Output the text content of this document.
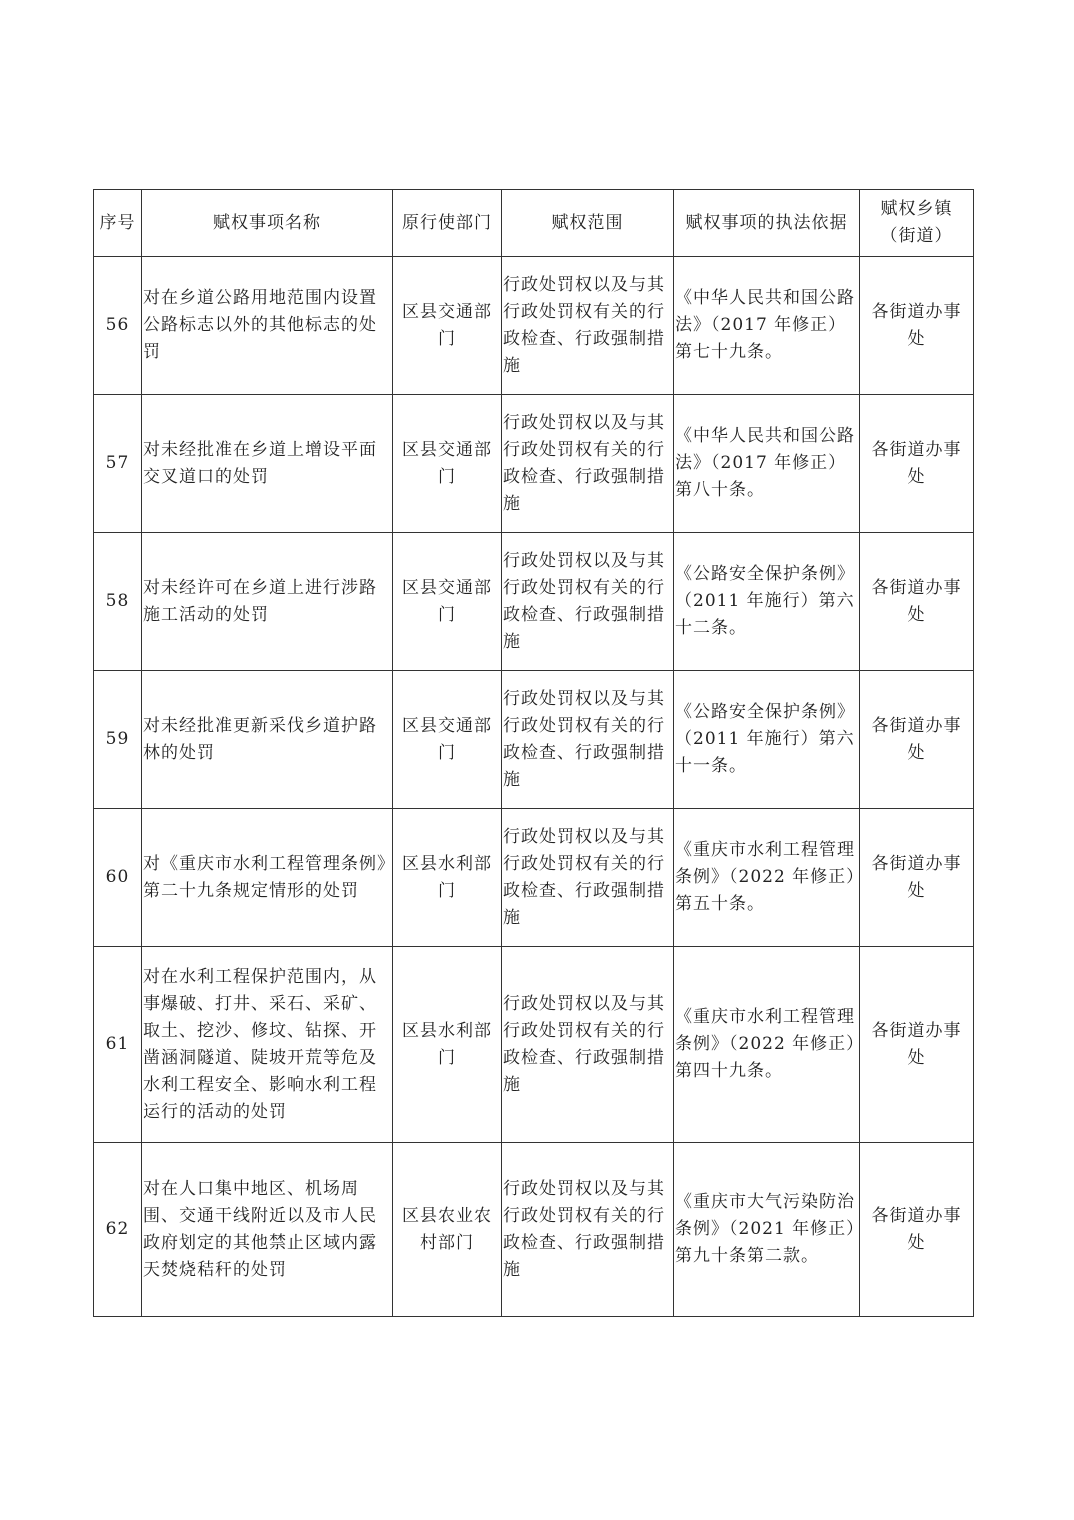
序号	赋权事项名称	原行使部门	赋权范围	赋权事项的执法依据	赋权乡镇（街道）
56	对在乡道公路用地范围内设置公路标志以外的其他标志的处罚	区县交通部门	行政处罚权以及与其行政处罚权有关的行政检查、行政强制措施	《中华人民共和国公路法》（2017 年修正）第七十九条。	各街道办事处
57	对未经批准在乡道上增设平面交叉道口的处罚	区县交通部门	行政处罚权以及与其行政处罚权有关的行政检查、行政强制措施	《中华人民共和国公路法》（2017 年修正）第八十条。	各街道办事处
58	对未经许可在乡道上进行涉路施工活动的处罚	区县交通部门	行政处罚权以及与其行政处罚权有关的行政检查、行政强制措施	《公路安全保护条例》（2011 年施行）第六十二条。	各街道办事处
59	对未经批准更新采伐乡道护路林的处罚	区县交通部门	行政处罚权以及与其行政处罚权有关的行政检查、行政强制措施	《公路安全保护条例》（2011 年施行）第六十一条。	各街道办事处
60	对《重庆市水利工程管理条例》第二十九条规定情形的处罚	区县水利部门	行政处罚权以及与其行政处罚权有关的行政检查、行政强制措施	《重庆市水利工程管理条例》（2022 年修正）第五十条。	各街道办事处
61	对在水利工程保护范围内，从事爆破、打井、采石、采矿、取土、挖沙、修坟、钻探、开凿涵洞隧道、陡坡开荒等危及水利工程安全、影响水利工程运行的活动的处罚	区县水利部门	行政处罚权以及与其行政处罚权有关的行政检查、行政强制措施	《重庆市水利工程管理条例》（2022 年修正）第四十九条。	各街道办事处
62	对在人口集中地区、机场周围、交通干线附近以及市人民政府划定的其他禁止区域内露天焚烧秸秆的处罚	区县农业农村部门	行政处罚权以及与其行政处罚权有关的行政检查、行政强制措施	《重庆市大气污染防治条例》（2021 年修正）第九十条第二款。	各街道办事处
